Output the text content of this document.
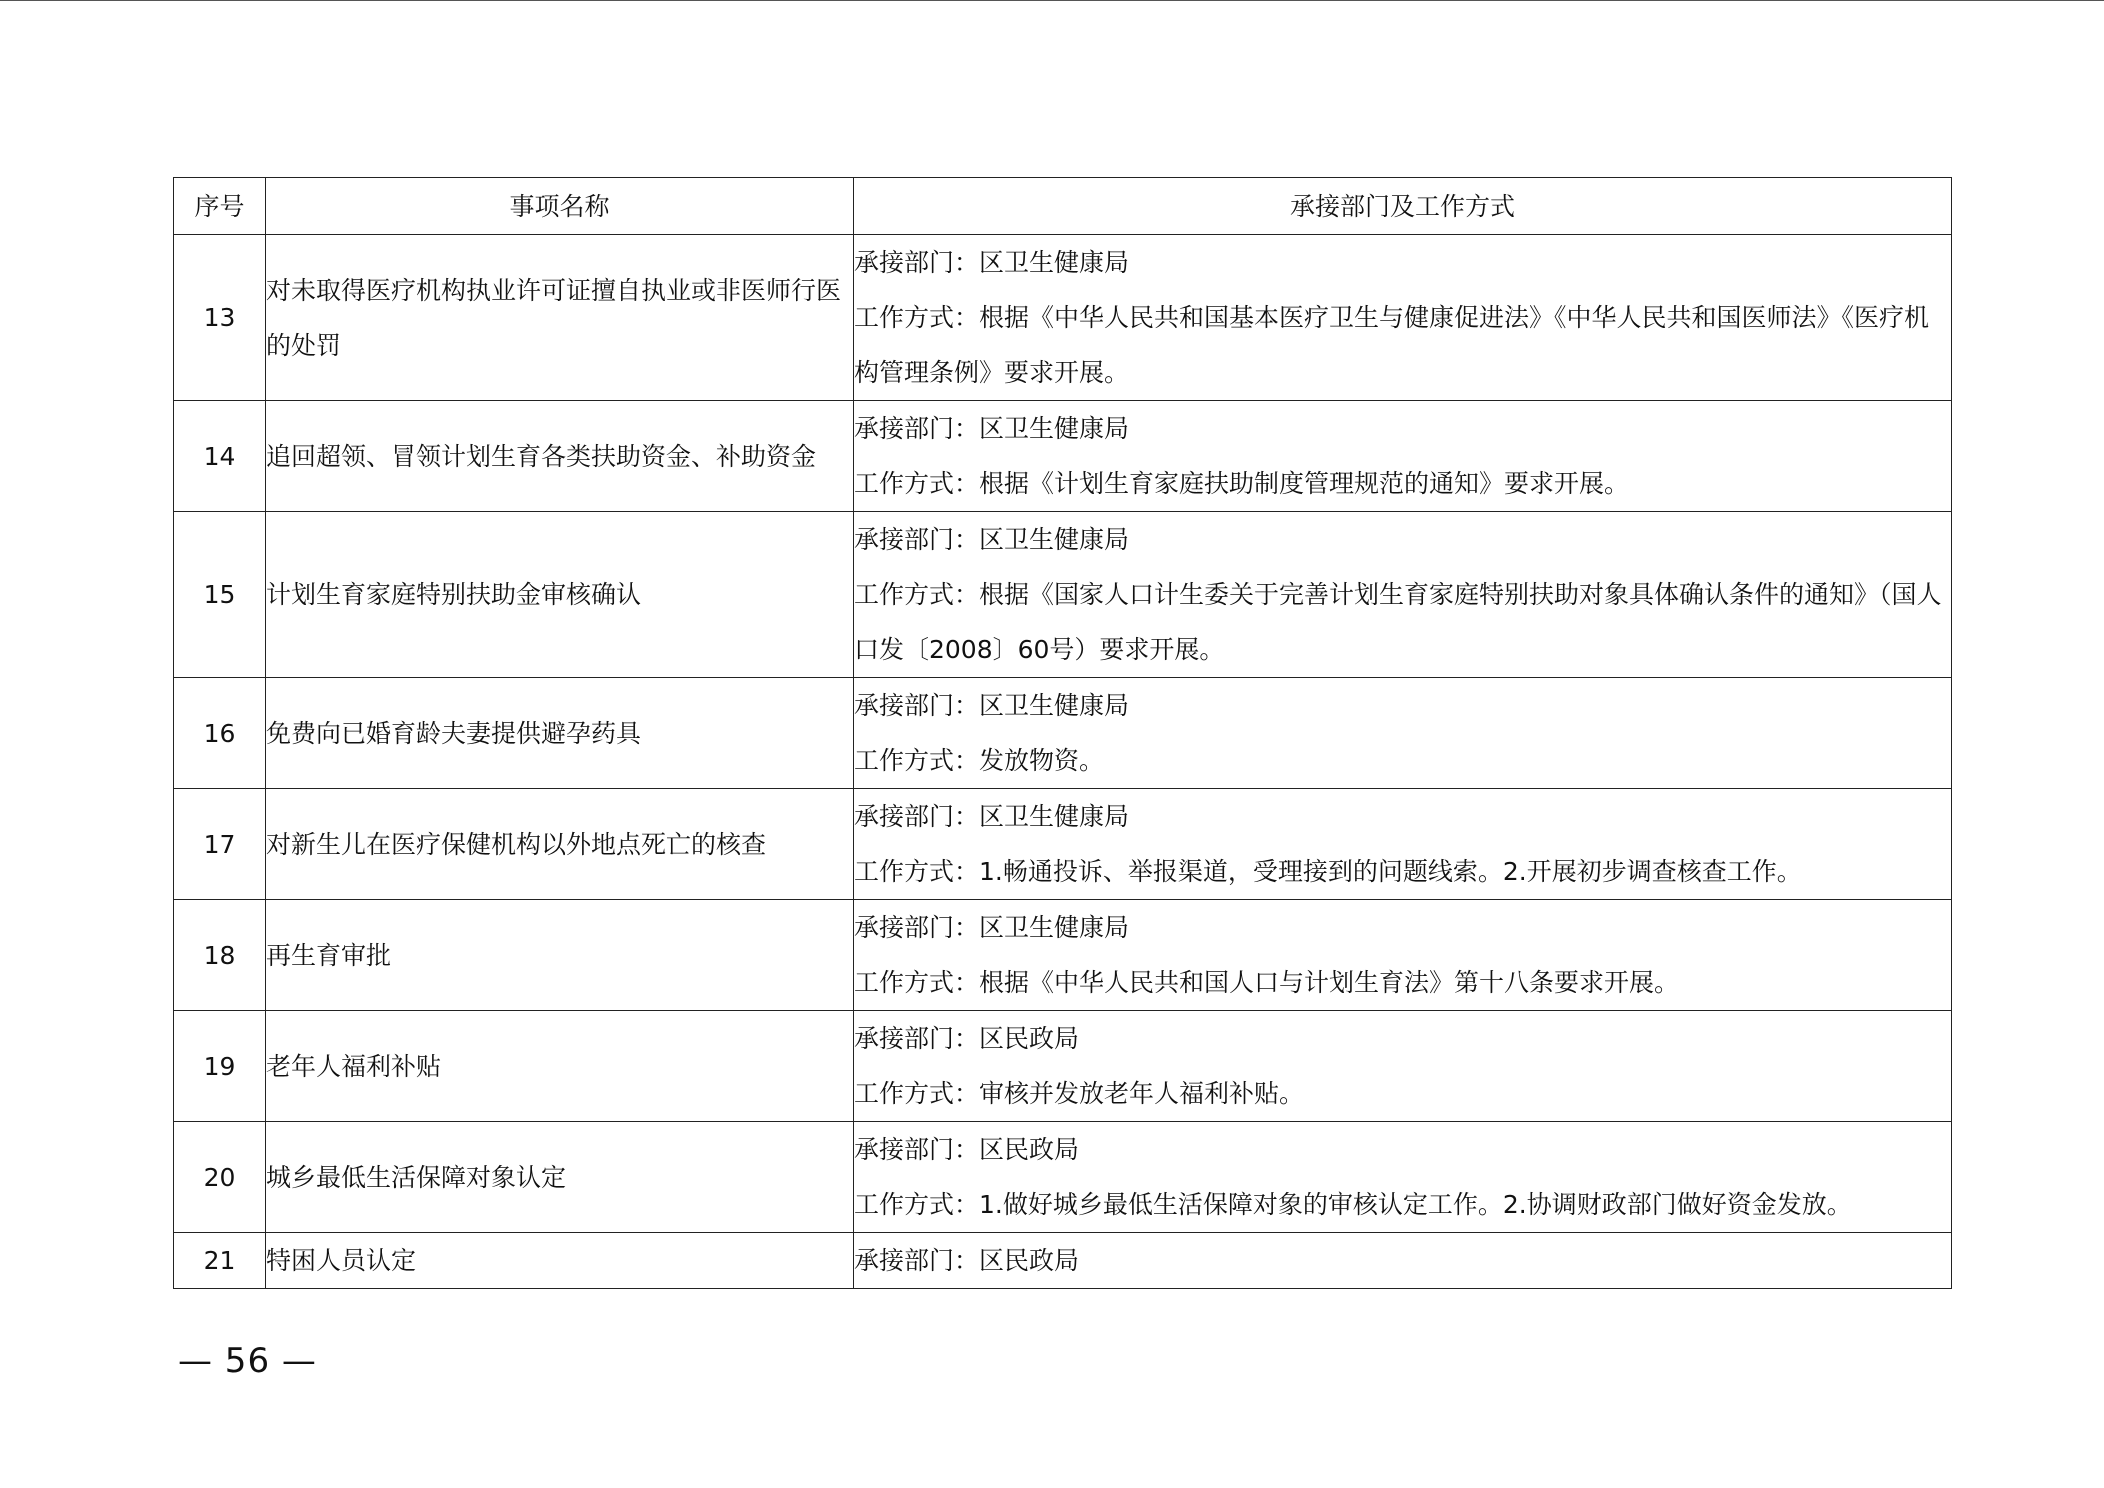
序号	事项名称	承接部门及工作方式
13	对未取得医疗机构执业许可证擅自执业或非医师行医的处罚	承接部门：区卫生健康局
工作方式：根据《中华人民共和国基本医疗卫生与健康促进法》《中华人民共和国医师法》《医疗机构管理条例》要求开展。

14	追回超领、冒领计划生育各类扶助资金、补助资金	承接部门：区卫生健康局
工作方式：根据《计划生育家庭扶助制度管理规范的通知》要求开展。

15	计划生育家庭特别扶助金审核确认	承接部门：区卫生健康局
工作方式：根据《国家人口计生委关于完善计划生育家庭特别扶助对象具体确认条件的通知》（国人口发〔2008〕60号）要求开展。

16	免费向已婚育龄夫妻提供避孕药具	承接部门：区卫生健康局
工作方式：发放物资。

17	对新生儿在医疗保健机构以外地点死亡的核查	承接部门：区卫生健康局
工作方式：1.畅通投诉、举报渠道，受理接到的问题线索。2.开展初步调查核查工作。

18	再生育审批	承接部门：区卫生健康局
工作方式：根据《中华人民共和国人口与计划生育法》第十八条要求开展。

19	老年人福利补贴	承接部门：区民政局
工作方式：审核并发放老年人福利补贴。

20	城乡最低生活保障对象认定	承接部门：区民政局
工作方式：1.做好城乡最低生活保障对象的审核认定工作。2.协调财政部门做好资金发放。

21	特困人员认定	承接部门：区民政局
— 56 —
